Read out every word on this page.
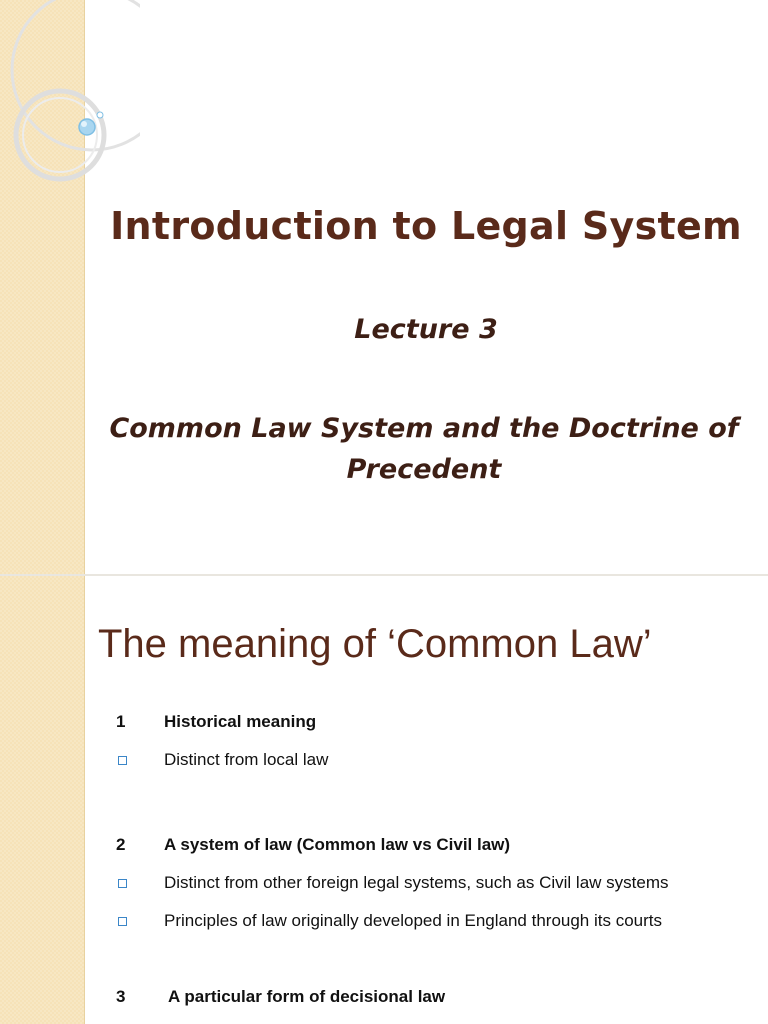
Introduction to Legal System
Lecture 3
Common Law System and the Doctrine of Precedent
The meaning of ‘Common Law’
1 Historical meaning
Distinct from local law
2 A system of law (Common law vs Civil law)
Distinct from other foreign legal systems, such as Civil law systems
Principles of law originally developed in England through its courts
3	A particular form of decisional law
